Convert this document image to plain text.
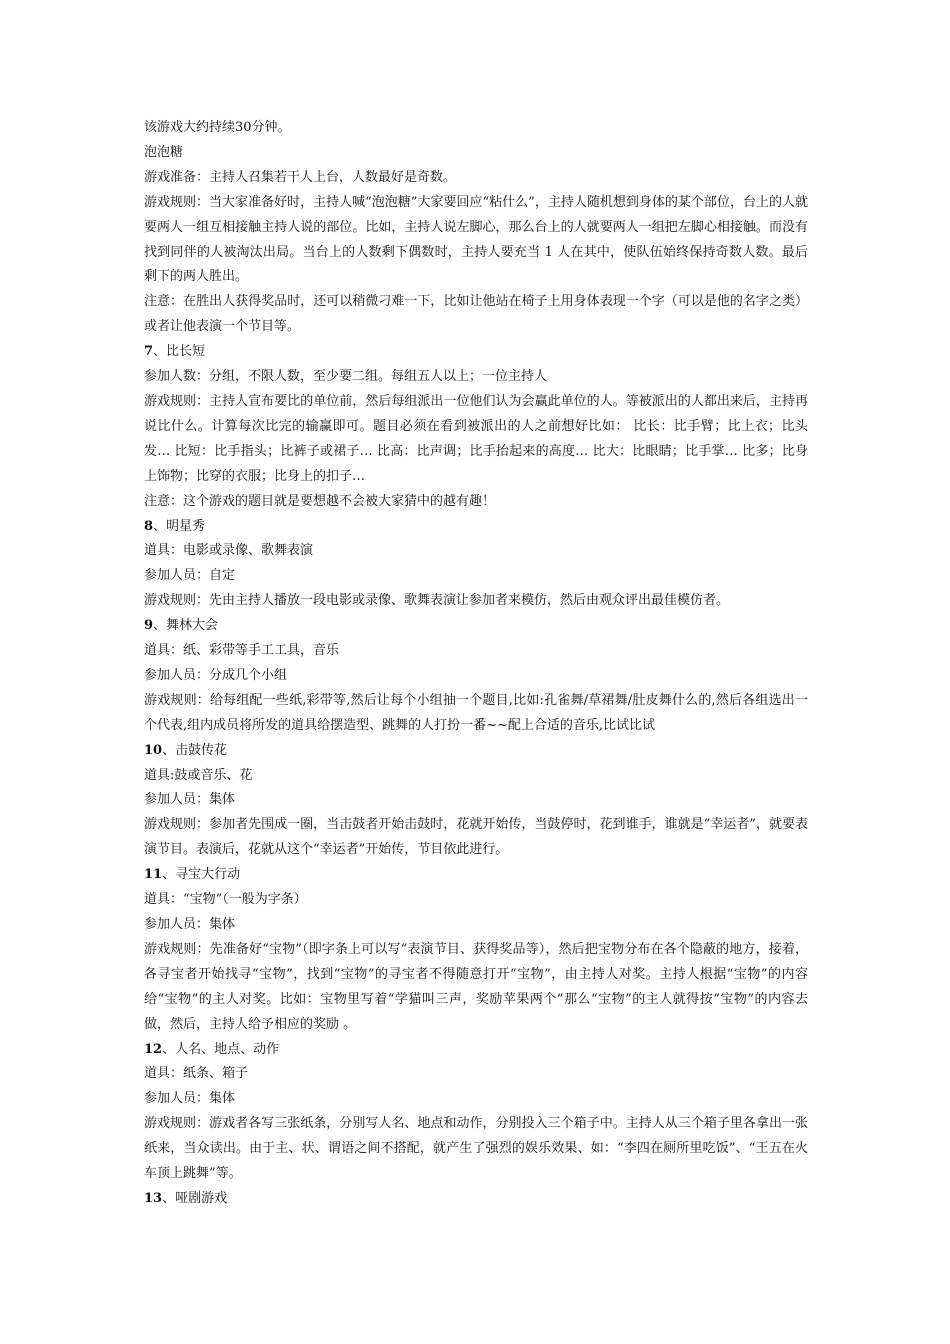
该游戏大约持续30分钟。

泡泡糖

游戏准备：主持人召集若干人上台，人数最好是奇数。

游戏规则：当大家准备好时，主持人喊“泡泡糖”大家要回应“粘什么”，主持人随机想到身体的某个部位，台上的人就要两人一组互相接触主持人说的部位。比如，主持人说左脚心，那么台上的人就要两人一组把左脚心相接触。而没有找到同伴的人被淘汰出局。当台上的人数剩下偶数时，主持人要充当 1 人在其中，使队伍始终保持奇数人数。最后剩下的两人胜出。

注意：在胜出人获得奖品时，还可以稍微刁难一下，比如让他站在椅子上用身体表现一个字（可以是他的名字之类）或者让他表演一个节目等。

7、比长短

参加人数：分组，不限人数，至少要二组。每组五人以上；一位主持人

游戏规则：主持人宣布要比的单位前，然后每组派出一位他们认为会赢此单位的人。等被派出的人都出来后，主持再说比什么。计算每次比完的输赢即可。题目必须在看到被派出的人之前想好比如： 比长：比手臂；比上衣；比头发… 比短：比手指头；比裤子或裙子… 比高：比声调；比手抬起来的高度… 比大：比眼睛；比手掌… 比多；比身上饰物；比穿的衣服；比身上的扣子…

注意：这个游戏的题目就是要想越不会被大家猜中的越有趣！

8、明星秀

道具：电影或录像、歌舞表演

参加人员：自定

游戏规则：先由主持人播放一段电影或录像、歌舞表演让参加者来模仿，然后由观众评出最佳模仿者。

9、舞林大会

道具：纸、彩带等手工工具，音乐

参加人员：分成几个小组

游戏规则：给每组配一些纸,彩带等,然后让每个小组抽一个题目,比如:孔雀舞/草裙舞/肚皮舞什么的,然后各组选出一个代表,组内成员将所发的道具给摆造型、跳舞的人打扮一番~~配上合适的音乐,比试比试

10、击鼓传花

道具:鼓或音乐、花

参加人员：集体

游戏规则：参加者先围成一圈，当击鼓者开始击鼓时，花就开始传，当鼓停时，花到谁手，谁就是“幸运者”，就要表演节目。表演后，花就从这个“幸运者”开始传，节目依此进行。

11、寻宝大行动

道具：“宝物”（一般为字条）

参加人员：集体

游戏规则：先准备好“宝物”（即字条上可以写“表演节目、获得奖品等），然后把宝物分布在各个隐蔽的地方，接着，各寻宝者开始找寻“宝物”，找到“宝物”的寻宝者不得随意打开“宝物”，由主持人对奖。主持人根据“宝物”的内容给“宝物”的主人对奖。比如：宝物里写着“学猫叫三声，奖励苹果两个”那么“宝物”的主人就得按“宝物”的内容去做，然后，主持人给予相应的奖励 。

12、人名、地点、动作

道具：纸条、箱子

参加人员：集体

游戏规则：游戏者各写三张纸条，分别写人名、地点和动作，分别投入三个箱子中。主持人从三个箱子里各拿出一张纸来，当众读出。由于主、状、谓语之间不搭配，就产生了强烈的娱乐效果、如：“李四在厕所里吃饭”、“王五在火车顶上跳舞”等。

13、哑剧游戏
